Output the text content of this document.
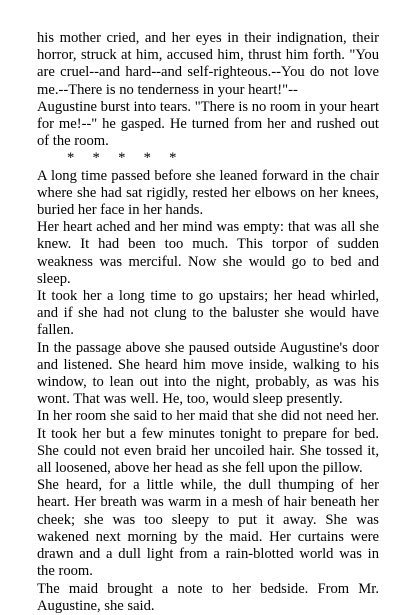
his mother cried, and her eyes in their indignation, their horror, struck at him, accused him, thrust him forth. "You are cruel--and hard--and self-righteous.--You do not love me.--There is no tenderness in your heart!"--

Augustine burst into tears. "There is no room in your heart for me!--" he gasped. He turned from her and rushed out of the room.

*     *     *     *     *

A long time passed before she leaned forward in the chair where she had sat rigidly, rested her elbows on her knees, buried her face in her hands.

Her heart ached and her mind was empty: that was all she knew. It had been too much. This torpor of sudden weakness was merciful. Now she would go to bed and sleep.

It took her a long time to go upstairs; her head whirled, and if she had not clung to the baluster she would have fallen.

In the passage above she paused outside Augustine's door and listened. She heard him move inside, walking to his window, to lean out into the night, probably, as was his wont. That was well. He, too, would sleep presently.

In her room she said to her maid that she did not need her. It took her but a few minutes tonight to prepare for bed. She could not even braid her uncoiled hair. She tossed it, all loosened, above her head as she fell upon the pillow.

She heard, for a little while, the dull thumping of her heart. Her breath was warm in a mesh of hair beneath her cheek; she was too sleepy to put it away. She was wakened next morning by the maid. Her curtains were drawn and a dull light from a rain-blotted world was in the room.

The maid brought a note to her bedside. From Mr. Augustine, she said.
